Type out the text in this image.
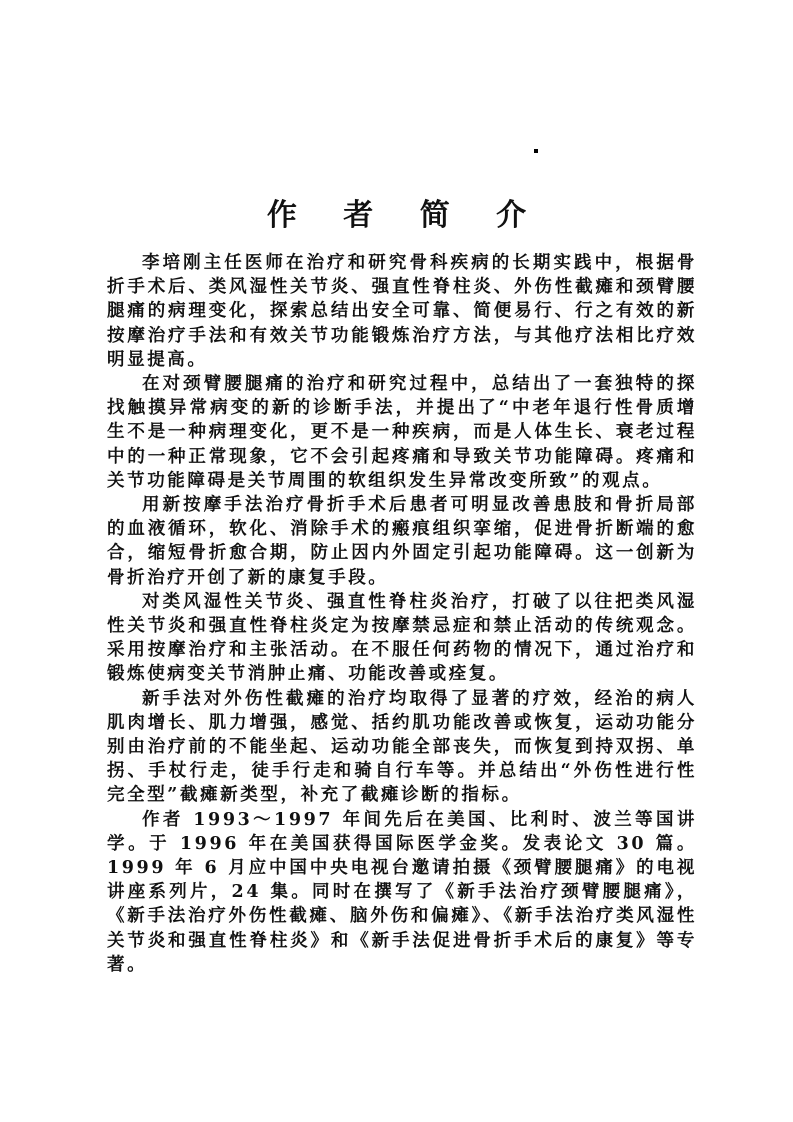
作 者 简 介

李培刚主任医师在治疗和研究骨科疾病的长期实践中，根据骨折手术后、类风湿性关节炎、强直性脊柱炎、外伤性截瘫和颈臂腰腿痛的病理变化，探索总结出安全可靠、简便易行、行之有效的新按摩治疗手法和有效关节功能锻炼治疗方法，与其他疗法相比疗效明显提高。

在对颈臂腰腿痛的治疗和研究过程中，总结出了一套独特的探找触摸异常病变的新的诊断手法，并提出了“中老年退行性骨质增生不是一种病理变化，更不是一种疾病，而是人体生长、衰老过程中的一种正常现象，它不会引起疼痛和导致关节功能障碍。疼痛和关节功能障碍是关节周围的软组织发生异常改变所致”的观点。

用新按摩手法治疗骨折手术后患者可明显改善患肢和骨折局部的血液循环，软化、消除手术的瘢痕组织挛缩，促进骨折断端的愈合，缩短骨折愈合期，防止因内外固定引起功能障碍。这一创新为骨折治疗开创了新的康复手段。

对类风湿性关节炎、强直性脊柱炎治疗，打破了以往把类风湿性关节炎和强直性脊柱炎定为按摩禁忌症和禁止活动的传统观念。采用按摩治疗和主张活动。在不服任何药物的情况下，通过治疗和锻炼使病变关节消肿止痛、功能改善或痊复。

新手法对外伤性截瘫的治疗均取得了显著的疗效，经治的病人肌肉增长、肌力增强，感觉、括约肌功能改善或恢复，运动功能分别由治疗前的不能坐起、运动功能全部丧失，而恢复到持双拐、单拐、手杖行走，徒手行走和骑自行车等。并总结出“外伤性进行性完全型”截瘫新类型，补充了截瘫诊断的指标。

作者 1993～1997 年间先后在美国、比利时、波兰等国讲学。于 1996 年在美国获得国际医学金奖。发表论文 30 篇。1999 年 6 月应中国中央电视台邀请拍摄《颈臂腰腿痛》的电视讲座系列片，24 集。同时在撰写了《新手法治疗颈臂腰腿痛》，《新手法治疗外伤性截瘫、脑外伤和偏瘫》、《新手法治疗类风湿性关节炎和强直性脊柱炎》和《新手法促进骨折手术后的康复》等专著。
